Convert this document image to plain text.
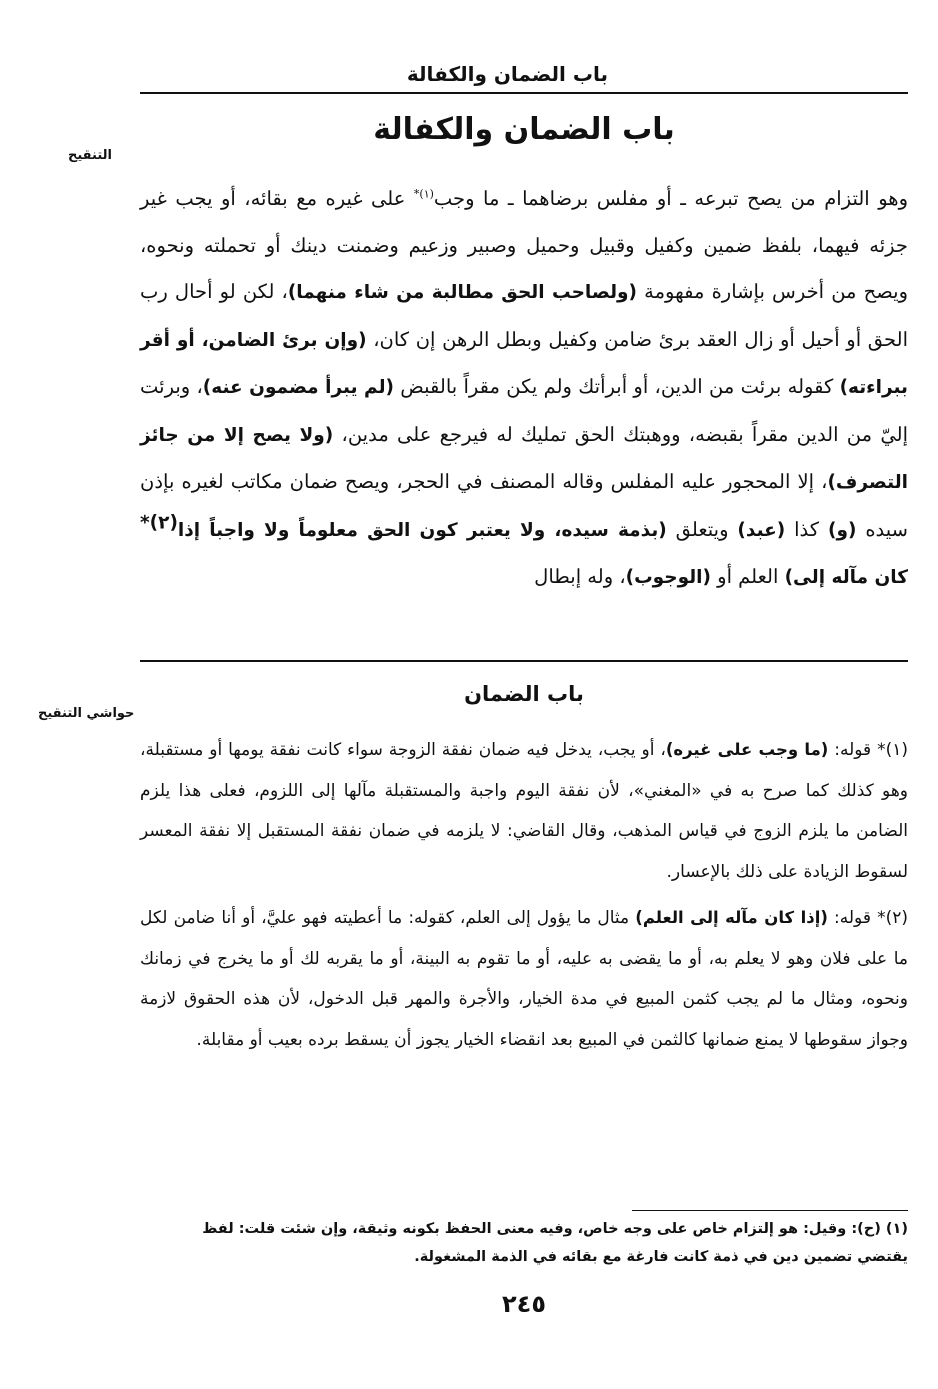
باب الضمان والكفالة
التنقيح
حواشي التنقيح
باب الضمان والكفالة

وهو التزام من يصح تبرعه ـ أو مفلس برضاهما ـ ما وجب$^{(١)*}$ على غيره مع بقائه، أو يجب غير جزئه فيهما، بلفظ ضمين وكفيل وقبيل وحميل وصبير وزعيم وضمنت دينك أو تحملته ونحوه، ويصح من أخرس بإشارة مفهومة (ولصاحب الحق مطالبة من شاء منهما)، لكن لو أحال رب الحق أو أحيل أو زال العقد برئ ضامن وكفيل وبطل الرهن إن كان، (وإن برئ الضامن، أو أقر ببراءته) كقوله برئت من الدين، أو أبرأتك ولم يكن مقراً بالقبض (لم يبرأ مضمون عنه)، وبرئت إليّ من الدين مقراً بقبضه، ووهبتك الحق تمليك له فيرجع على مدين، (ولا يصح إلا من جائز التصرف)، إلا المحجور عليه المفلس وقاله المصنف في الحجر، ويصح ضمان مكاتب لغيره بإذن سيده (و) كذا (عبد) ويتعلق (بذمة سيده، ولا يعتبر كون الحق معلوماً ولا واجباً إذا$^{(٢)*}$ كان مآله إلى) العلم أو (الوجوب)، وله إبطال

باب الضمان

(١)* قوله: (ما وجب على غيره)، أو يجب، يدخل فيه ضمان نفقة الزوجة سواء كانت نفقة يومها أو مستقبلة، وهو كذلك كما صرح به في «المغني»، لأن نفقة اليوم واجبة والمستقبلة مآلها إلى اللزوم، فعلى هذا يلزم الضامن ما يلزم الزوج في قياس المذهب، وقال القاضي: لا يلزمه في ضمان نفقة المستقبل إلا نفقة المعسر لسقوط الزيادة على ذلك بالإعسار.

(٢)* قوله: (إذا كان مآله إلى العلم) مثال ما يؤول إلى العلم، كقوله: ما أعطيته فهو عليَّ، أو أنا ضامن لكل ما على فلان وهو لا يعلم به، أو ما يقضى به عليه، أو ما تقوم به البينة، أو ما يقربه لك أو ما يخرج في زمانك ونحوه، ومثال ما لم يجب كثمن المبيع في مدة الخيار، والأجرة والمهر قبل الدخول، لأن هذه الحقوق لازمة وجواز سقوطها لا يمنع ضمانها كالثمن في المبيع بعد انقضاء الخيار يجوز أن يسقط برده بعيب أو مقابلة.

(١) (ح): وقيل: هو إلتزام خاص على وجه خاص، وفيه معنى الحفظ بكونه وثيقة، وإن شئت قلت: لفظ

يقتضي تضمين دين في ذمة كانت فارغة مع بقائه في الذمة المشغولة.

٢٤٥
